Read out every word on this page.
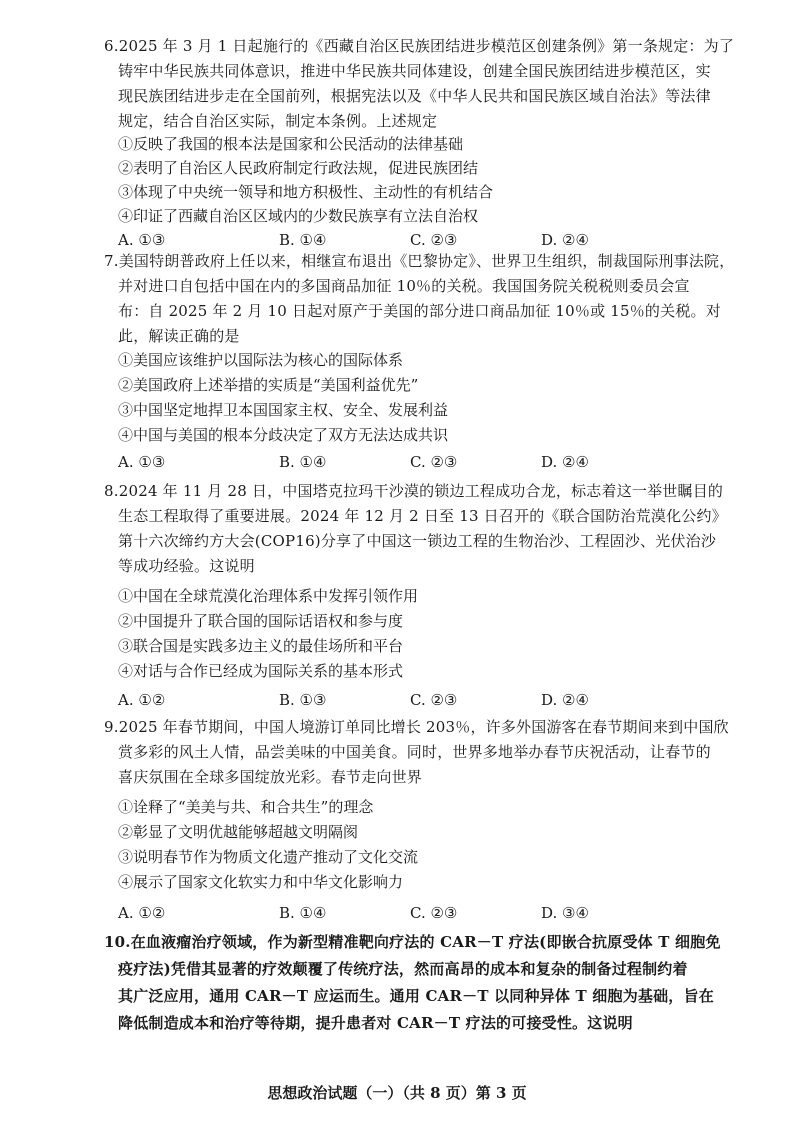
6.2025 年 3 月 1 日起施行的《西藏自治区民族团结进步模范区创建条例》第一条规定：为了
铸牢中华民族共同体意识，推进中华民族共同体建设，创建全国民族团结进步模范区，实
现民族团结进步走在全国前列，根据宪法以及《中华人民共和国民族区域自治法》等法律
规定，结合自治区实际，制定本条例。上述规定
①反映了我国的根本法是国家和公民活动的法律基础
②表明了自治区人民政府制定行政法规，促进民族团结
③体现了中央统一领导和地方积极性、主动性的有机结合
④印证了西藏自治区区域内的少数民族享有立法自治权
A. ①③	B. ①④	C. ②③	D. ②④
7.美国特朗普政府上任以来，相继宣布退出《巴黎协定》、世界卫生组织，制裁国际刑事法院，
并对进口自包括中国在内的多国商品加征 10％的关税。我国国务院关税税则委员会宣
布：自 2025 年 2 月 10 日起对原产于美国的部分进口商品加征 10％或 15％的关税。对
此，解读正确的是
①美国应该维护以国际法为核心的国际体系
②美国政府上述举措的实质是“美国利益优先”
③中国坚定地捍卫本国国家主权、安全、发展利益
④中国与美国的根本分歧决定了双方无法达成共识
A. ①③	B. ①④	C. ②③	D. ②④
8.2024 年 11 月 28 日，中国塔克拉玛干沙漠的锁边工程成功合龙，标志着这一举世瞩目的
生态工程取得了重要进展。2024 年 12 月 2 日至 13 日召开的《联合国防治荒漠化公约》
第十六次缔约方大会(COP16)分享了中国这一锁边工程的生物治沙、工程固沙、光伏治沙
等成功经验。这说明
①中国在全球荒漠化治理体系中发挥引领作用
②中国提升了联合国的国际话语权和参与度
③联合国是实践多边主义的最佳场所和平台
④对话与合作已经成为国际关系的基本形式
A. ①②	B. ①③	C. ②③	D. ②④
9.2025 年春节期间，中国人境游订单同比增长 203％，许多外国游客在春节期间来到中国欣
赏多彩的风土人情，品尝美味的中国美食。同时，世界多地举办春节庆祝活动，让春节的
喜庆氛围在全球多国绽放光彩。春节走向世界
①诠释了“美美与共、和合共生”的理念
②彰显了文明优越能够超越文明隔阂
③说明春节作为物质文化遗产推动了文化交流
④展示了国家文化软实力和中华文化影响力
A. ①②	B. ①④	C. ②③	D. ③④
10.在血液瘤治疗领域，作为新型精准靶向疗法的 CAR－T 疗法(即嵌合抗原受体 T 细胞免
疫疗法)凭借其显著的疗效颠覆了传统疗法，然而高昂的成本和复杂的制备过程制约着
其广泛应用，通用 CAR－T 应运而生。通用 CAR－T 以同种异体 T 细胞为基础，旨在
降低制造成本和治疗等待期，提升患者对 CAR－T 疗法的可接受性。这说明
思想政治试题（一）（共 8 页）第 3 页
